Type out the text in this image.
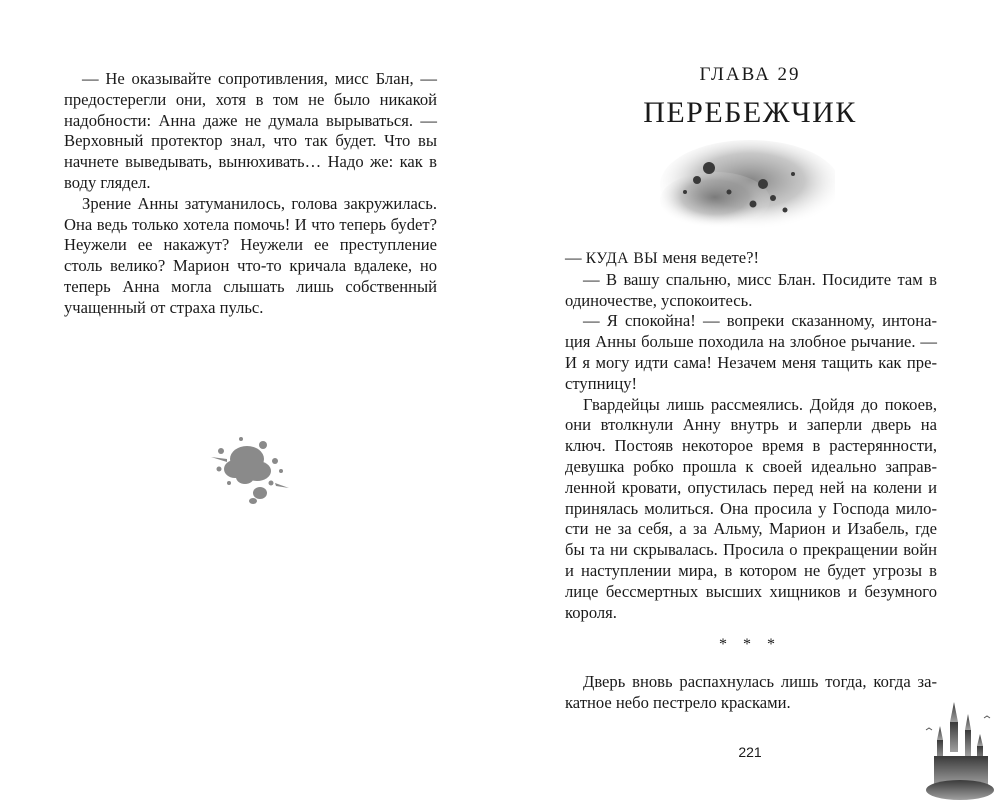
— Не оказывайте сопротивления, мисс Блан, — предостерегли они, хотя в том не было никакой надобности: Анна даже не думала вырываться. — Верховный протектор знал, что так будет. Что вы начнете выведывать, вынюхивать… Надо же: как в воду глядел.

Зрение Анны затуманилось, голова закружилась. Она ведь только хотела помочь! И что теперь буdет? Неужели ее накажут? Неужели ее преступление столь велико? Марион что-то кричала вдалеке, но теперь Анна могла слышать лишь собственный учащенный от страха пульс.

ГЛАВА 29
ПЕРЕБЕЖЧИК

— КУДА ВЫ меня ведете?!

— В вашу спальню, мисс Блан. Посидите там в одиночестве, успокоитесь.

— Я спокойна! — вопреки сказанному, интонация Анны больше походила на злобное рычание. — И я могу идти сама! Незачем меня тащить как преступницу!

Гвардейцы лишь рассмеялись. Дойдя до покоев, они втолкнули Анну внутрь и заперли дверь на ключ. Постояв некоторое время в растерянности, девушка робко прошла к своей идеально заправленной кровати, опустилась перед ней на колени и принялась молиться. Она просила у Господа милости не за себя, а за Альму, Марион и Изабель, где бы та ни скрывалась. Просила о прекращении войн и наступлении мира, в котором не будет угрозы в лице бессмертных высших хищников и безумного короля.

* * *

Дверь вновь распахнулась лишь тогда, когда закатное небо пестрело красками.

221
